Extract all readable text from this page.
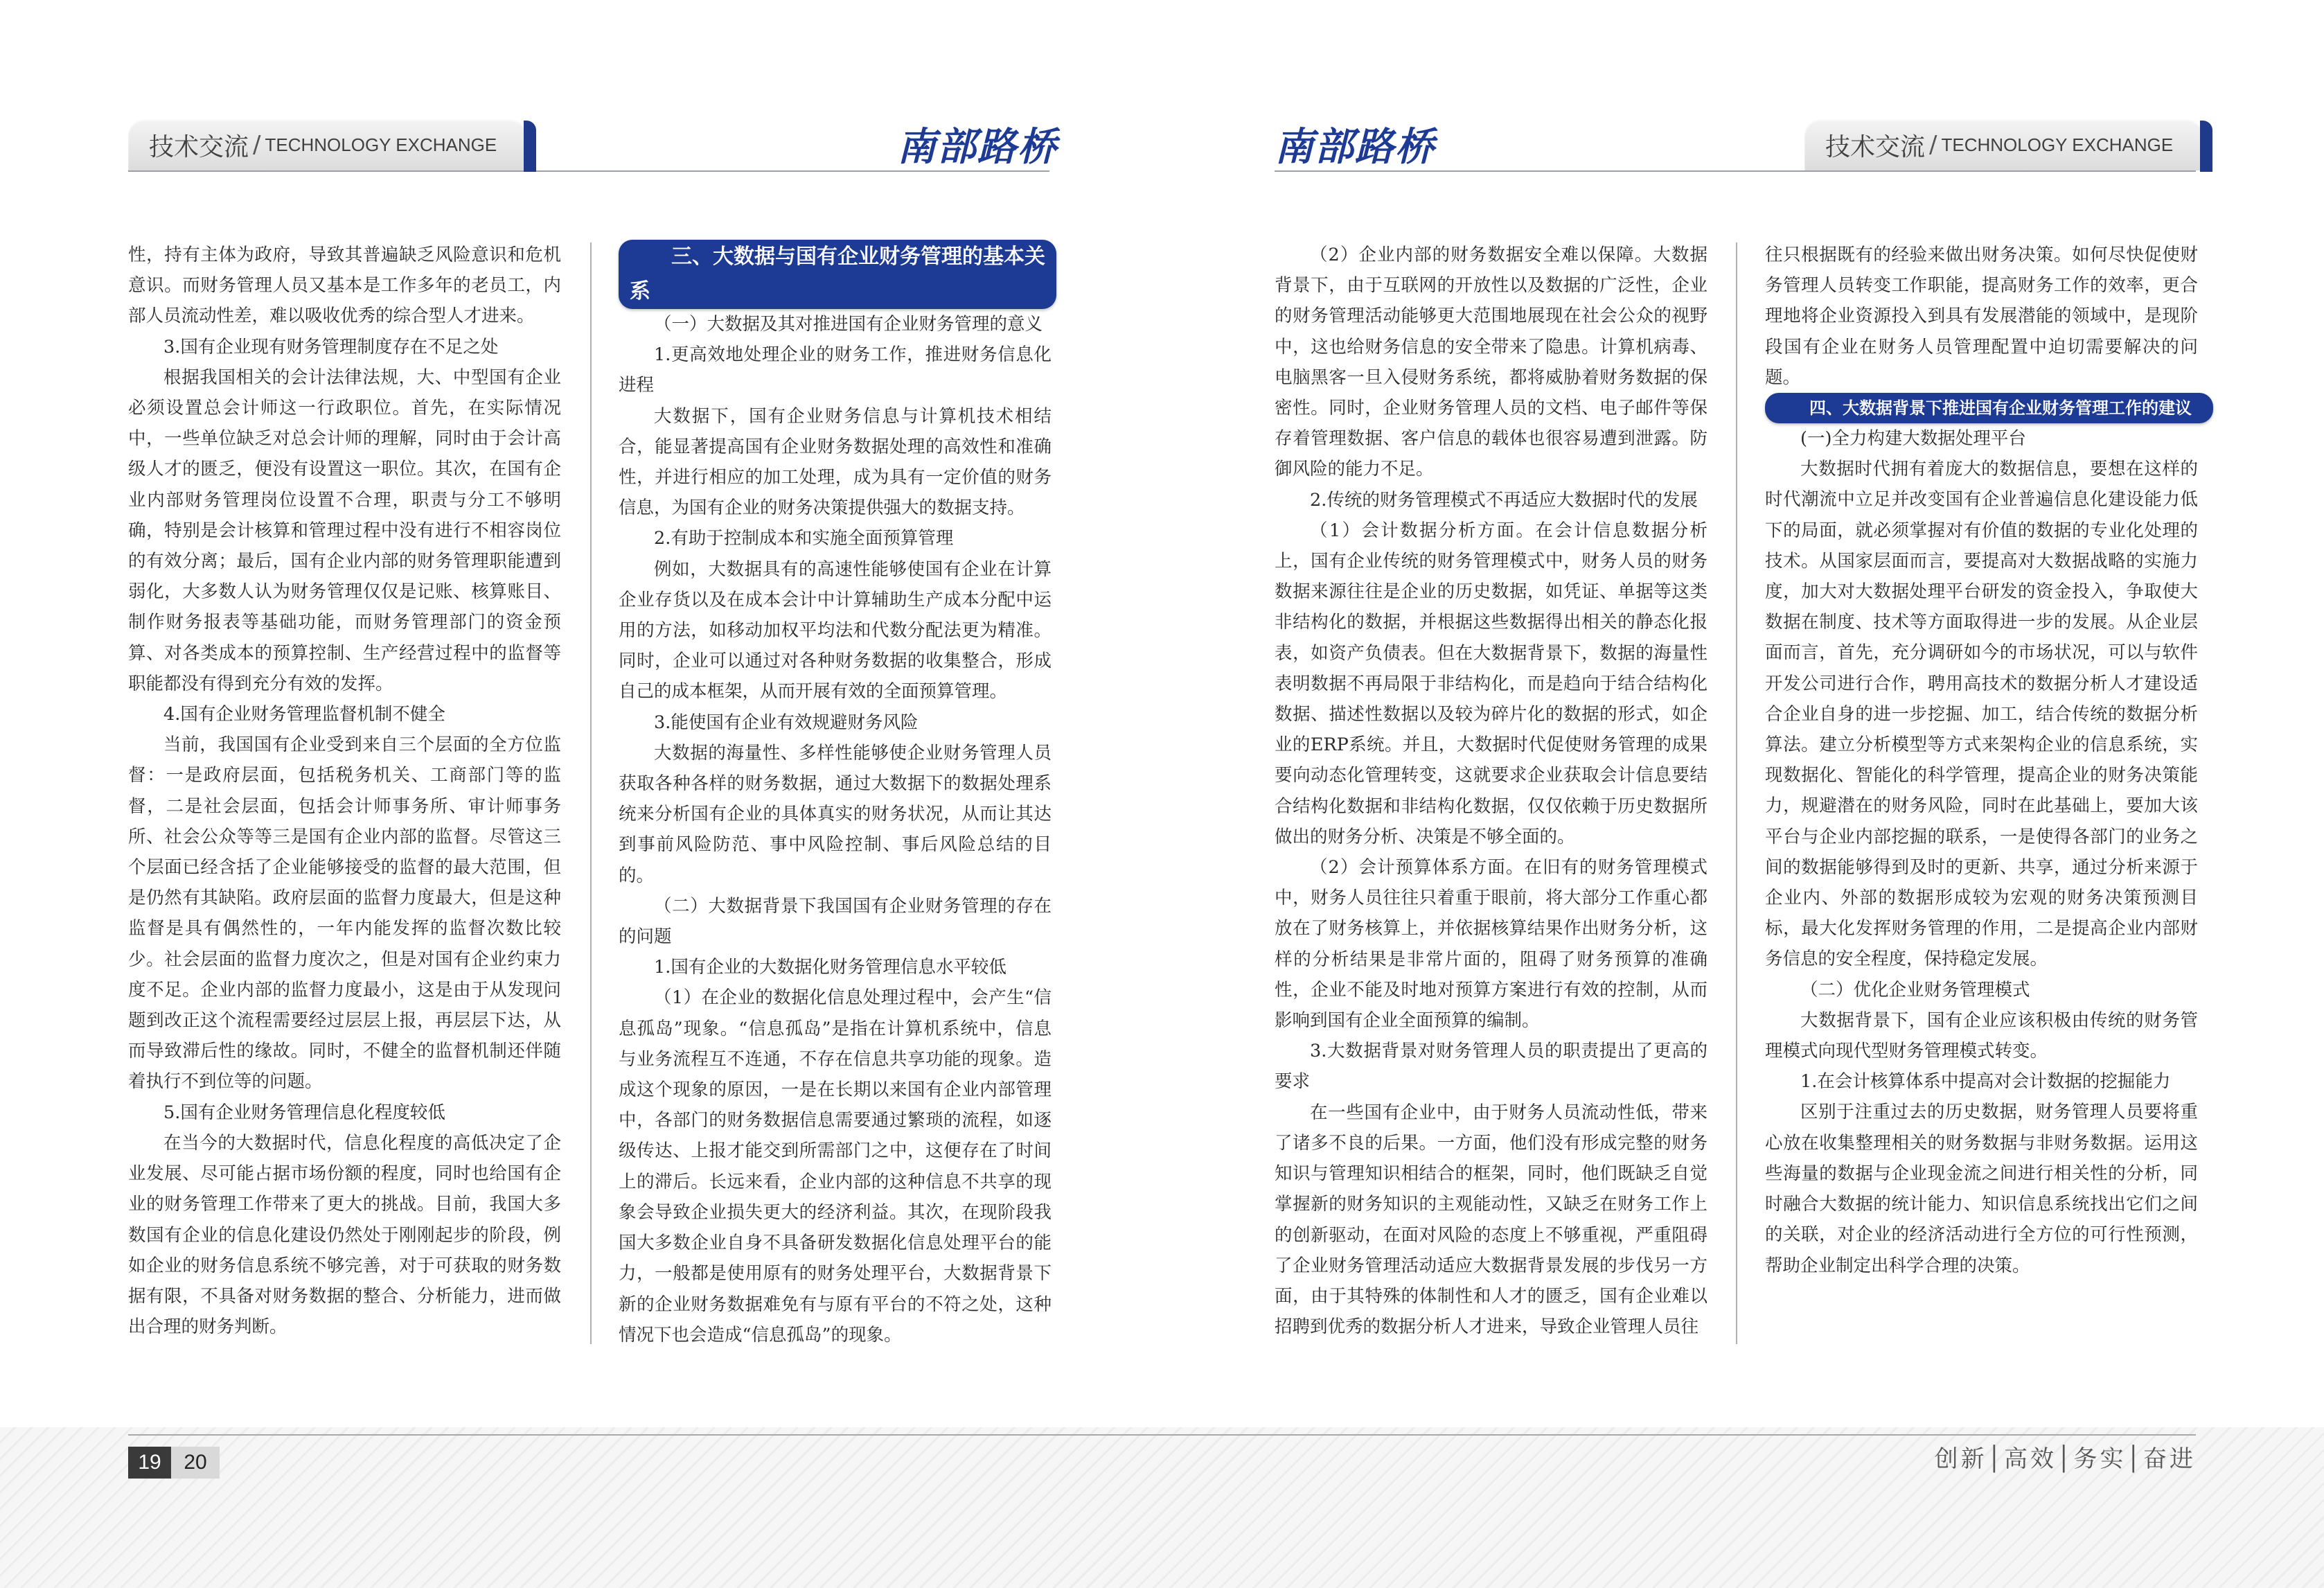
技术交流 / TECHNOLOGY EXCHANGE	南部路桥	南部路桥	技术交流 / TECHNOLOGY EXCHANGE

性，持有主体为政府，导致其普遍缺乏风险意识和危机意识。而财务管理人员又基本是工作多年的老员工，内部人员流动性差，难以吸收优秀的综合型人才进来。

3.国有企业现有财务管理制度存在不足之处

根据我国相关的会计法律法规，大、中型国有企业必须设置总会计师这一行政职位。首先，在实际情况中，一些单位缺乏对总会计师的理解，同时由于会计高级人才的匮乏，便没有设置这一职位。其次，在国有企业内部财务管理岗位设置不合理，职责与分工不够明确，特别是会计核算和管理过程中没有进行不相容岗位的有效分离；最后，国有企业内部的财务管理职能遭到弱化，大多数人认为财务管理仅仅是记账、核算账目、制作财务报表等基础功能，而财务管理部门的资金预算、对各类成本的预算控制、生产经营过程中的监督等职能都没有得到充分有效的发挥。

4.国有企业财务管理监督机制不健全

当前，我国国有企业受到来自三个层面的全方位监督：一是政府层面，包括税务机关、工商部门等的监督，二是社会层面，包括会计师事务所、审计师事务所、社会公众等等三是国有企业内部的监督。尽管这三个层面已经含括了企业能够接受的监督的最大范围，但是仍然有其缺陷。政府层面的监督力度最大，但是这种监督是具有偶然性的，一年内能发挥的监督次数比较少。社会层面的监督力度次之，但是对国有企业约束力度不足。企业内部的监督力度最小，这是由于从发现问题到改正这个流程需要经过层层上报，再层层下达，从而导致滞后性的缘故。同时，不健全的监督机制还伴随着执行不到位等的问题。

5.国有企业财务管理信息化程度较低

在当今的大数据时代，信息化程度的高低决定了企业发展、尽可能占据市场份额的程度，同时也给国有企业的财务管理工作带来了更大的挑战。目前，我国大多数国有企业的信息化建设仍然处于刚刚起步的阶段，例如企业的财务信息系统不够完善，对于可获取的财务数据有限，不具备对财务数据的整合、分析能力，进而做出合理的财务判断。

三、大数据与国有企业财务管理的基本关系

（一）大数据及其对推进国有企业财务管理的意义

1.更高效地处理企业的财务工作，推进财务信息化进程

大数据下，国有企业财务信息与计算机技术相结合，能显著提高国有企业财务数据处理的高效性和准确性，并进行相应的加工处理，成为具有一定价值的财务信息，为国有企业的财务决策提供强大的数据支持。

2.有助于控制成本和实施全面预算管理

例如，大数据具有的高速性能够使国有企业在计算企业存货以及在成本会计中计算辅助生产成本分配中运用的方法，如移动加权平均法和代数分配法更为精准。同时，企业可以通过对各种财务数据的收集整合，形成自己的成本框架，从而开展有效的全面预算管理。

3.能使国有企业有效规避财务风险

大数据的海量性、多样性能够使企业财务管理人员获取各种各样的财务数据，通过大数据下的数据处理系统来分析国有企业的具体真实的财务状况，从而让其达到事前风险防范、事中风险控制、事后风险总结的目的。

（二）大数据背景下我国国有企业财务管理的存在的问题

1.国有企业的大数据化财务管理信息水平较低

（1）在企业的数据化信息处理过程中，会产生“信息孤岛”现象。“信息孤岛”是指在计算机系统中，信息与业务流程互不连通，不存在信息共享功能的现象。造成这个现象的原因，一是在长期以来国有企业内部管理中，各部门的财务数据信息需要通过繁琐的流程，如逐级传达、上报才能交到所需部门之中，这便存在了时间上的滞后。长远来看，企业内部的这种信息不共享的现象会导致企业损失更大的经济利益。其次，在现阶段我国大多数企业自身不具备研发数据化信息处理平台的能力，一般都是使用原有的财务处理平台，大数据背景下新的企业财务数据难免有与原有平台的不符之处，这种情况下也会造成“信息孤岛”的现象。

（2）企业内部的财务数据安全难以保障。大数据背景下，由于互联网的开放性以及数据的广泛性，企业的财务管理活动能够更大范围地展现在社会公众的视野中，这也给财务信息的安全带来了隐患。计算机病毒、电脑黑客一旦入侵财务系统，都将威胁着财务数据的保密性。同时，企业财务管理人员的文档、电子邮件等保存着管理数据、客户信息的载体也很容易遭到泄露。防御风险的能力不足。

2.传统的财务管理模式不再适应大数据时代的发展

（1）会计数据分析方面。在会计信息数据分析上，国有企业传统的财务管理模式中，财务人员的财务数据来源往往是企业的历史数据，如凭证、单据等这类非结构化的数据，并根据这些数据得出相关的静态化报表，如资产负债表。但在大数据背景下，数据的海量性表明数据不再局限于非结构化，而是趋向于结合结构化数据、描述性数据以及较为碎片化的数据的形式，如企业的ERP系统。并且，大数据时代促使财务管理的成果要向动态化管理转变，这就要求企业获取会计信息要结合结构化数据和非结构化数据，仅仅依赖于历史数据所做出的财务分析、决策是不够全面的。

（2）会计预算体系方面。在旧有的财务管理模式中，财务人员往往只着重于眼前，将大部分工作重心都放在了财务核算上，并依据核算结果作出财务分析，这样的分析结果是非常片面的，阻碍了财务预算的准确性，企业不能及时地对预算方案进行有效的控制，从而影响到国有企业全面预算的编制。

3.大数据背景对财务管理人员的职责提出了更高的要求

在一些国有企业中，由于财务人员流动性低，带来了诸多不良的后果。一方面，他们没有形成完整的财务知识与管理知识相结合的框架，同时，他们既缺乏自觉掌握新的财务知识的主观能动性，又缺乏在财务工作上的创新驱动，在面对风险的态度上不够重视，严重阻碍了企业财务管理活动适应大数据背景发展的步伐另一方面，由于其特殊的体制性和人才的匮乏，国有企业难以招聘到优秀的数据分析人才进来，导致企业管理人员往

往只根据既有的经验来做出财务决策。如何尽快促使财务管理人员转变工作职能，提高财务工作的效率，更合理地将企业资源投入到具有发展潜能的领域中，是现阶段国有企业在财务人员管理配置中迫切需要解决的问题。

四、大数据背景下推进国有企业财务管理工作的建议

(一)全力构建大数据处理平台

大数据时代拥有着庞大的数据信息，要想在这样的时代潮流中立足并改变国有企业普遍信息化建设能力低下的局面，就必须掌握对有价值的数据的专业化处理的技术。从国家层面而言，要提高对大数据战略的实施力度，加大对大数据处理平台研发的资金投入，争取使大数据在制度、技术等方面取得进一步的发展。从企业层面而言，首先，充分调研如今的市场状况，可以与软件开发公司进行合作，聘用高技术的数据分析人才建设适合企业自身的进一步挖掘、加工，结合传统的数据分析算法。建立分析模型等方式来架构企业的信息系统，实现数据化、智能化的科学管理，提高企业的财务决策能力，规避潜在的财务风险，同时在此基础上，要加大该平台与企业内部挖掘的联系，一是使得各部门的业务之间的数据能够得到及时的更新、共享，通过分析来源于企业内、外部的数据形成较为宏观的财务决策预测目标，最大化发挥财务管理的作用，二是提高企业内部财务信息的安全程度，保持稳定发展。

（二）优化企业财务管理模式

大数据背景下，国有企业应该积极由传统的财务管理模式向现代型财务管理模式转变。

1.在会计核算体系中提高对会计数据的挖掘能力

区别于注重过去的历史数据，财务管理人员要将重心放在收集整理相关的财务数据与非财务数据。运用这些海量的数据与企业现金流之间进行相关性的分析，同时融合大数据的统计能力、知识信息系统找出它们之间的关联，对企业的经济活动进行全方位的可行性预测，帮助企业制定出科学合理的决策。

19	20	创新│高效│务实│奋进
